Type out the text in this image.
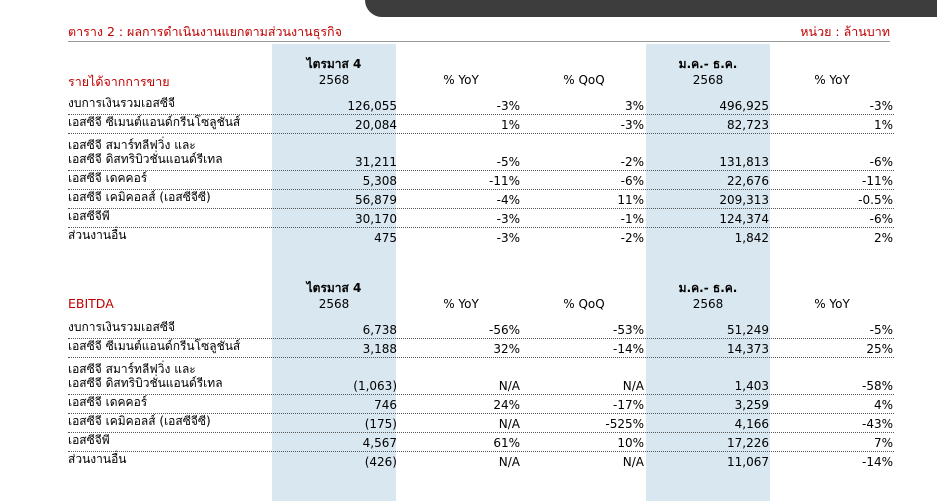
ตาราง 2 : ผลการดำเนินงานแยกตามส่วนงานธุรกิจ	หน่วย : ล้านบาท
รายได้จากการขาย
ไตรมาส 4
2568	% YoY	% QoQ
ม.ค.- ธ.ค.
2568	% YoY
งบการเงินรวมเอสซีจี	126,055	-3%	3%	496,925	-3%
เอสซีจี ซีเมนต์แอนด์กรีนโซลูชันส์	20,084	1%	-3%	82,723	1%
เอสซีจี สมาร์ทลีฟวิ่ง และ
เอสซีจี ดิสทริบิวชั่นแอนด์รีเทล	31,211	-5%	-2%	131,813	-6%
เอสซีจี เดคคอร์	5,308	-11%	-6%	22,676	-11%
เอสซีจี เคมิคอลส์ (เอสซีจีซี)	56,879	-4%	11%	209,313	-0.5%
เอสซีจีพี	30,170	-3%	-1%	124,374	-6%
ส่วนงานอื่น	475	-3%	-2%	1,842	2%
EBITDA
ไตรมาส 4
2568	% YoY	% QoQ
ม.ค.- ธ.ค.
2568	% YoY
งบการเงินรวมเอสซีจี	6,738	-56%	-53%	51,249	-5%
เอสซีจี ซีเมนต์แอนด์กรีนโซลูชันส์	3,188	32%	-14%	14,373	25%
เอสซีจี สมาร์ทลีฟวิ่ง และ
เอสซีจี ดิสทริบิวชั่นแอนด์รีเทล	(1,063)	N/A	N/A	1,403	-58%
เอสซีจี เดคคอร์	746	24%	-17%	3,259	4%
เอสซีจี เคมิคอลส์ (เอสซีจีซี)	(175)	N/A	-525%	4,166	-43%
เอสซีจีพี	4,567	61%	10%	17,226	7%
ส่วนงานอื่น	(426)	N/A	N/A	11,067	-14%
